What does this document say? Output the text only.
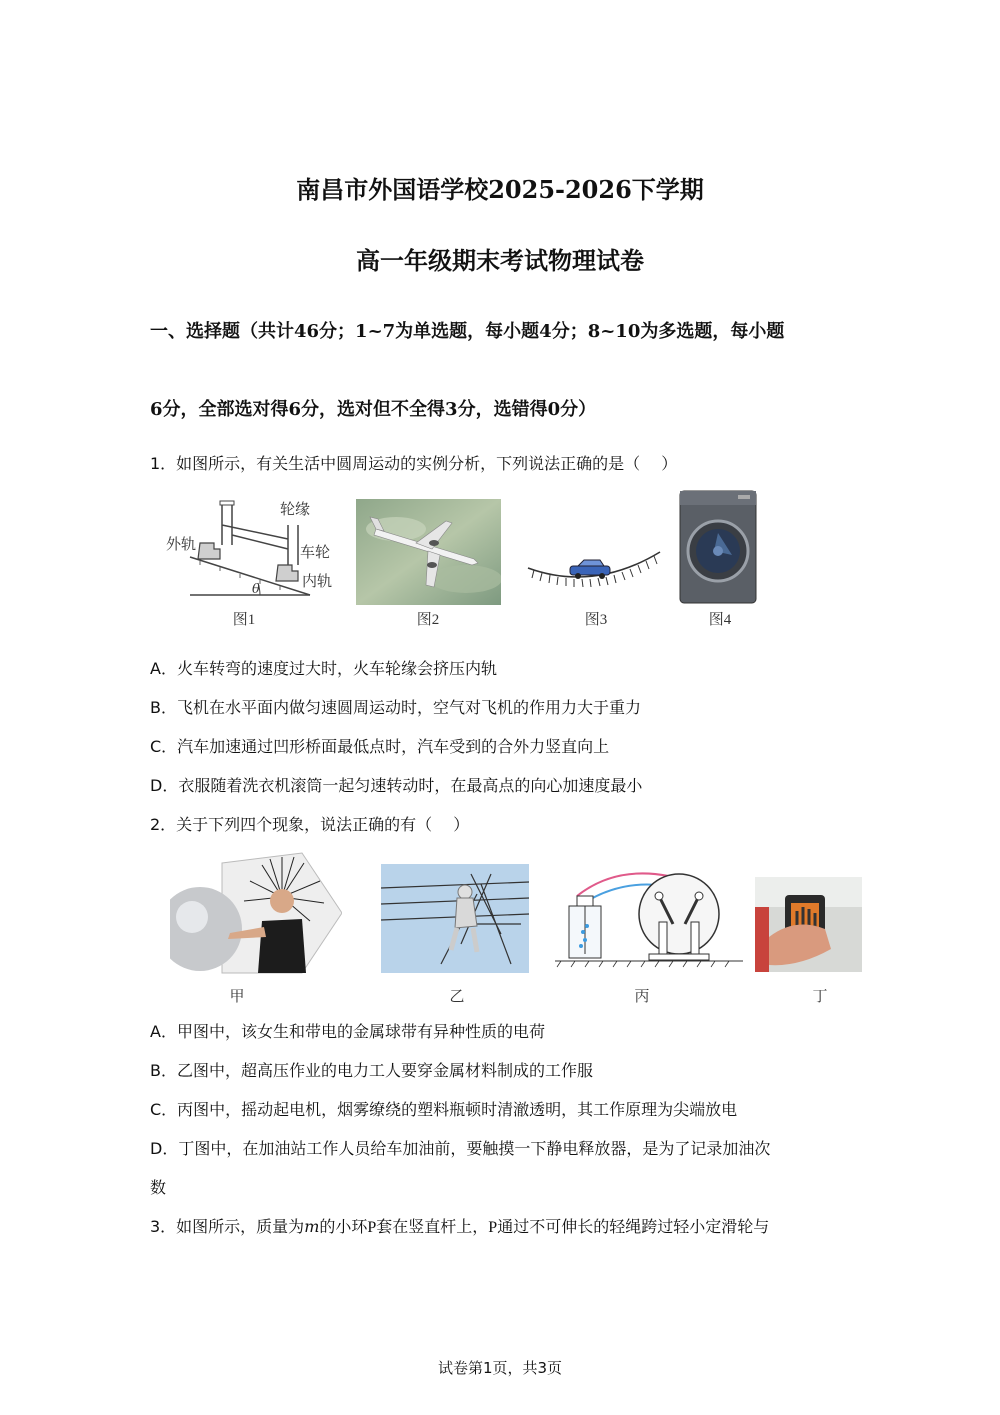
南昌市外国语学校2025-2026下学期
高一年级期末考试物理试卷
一、选择题（共计46分；1~7为单选题，每小题4分；8~10为多选题，每小题
6分，全部选对得6分，选对但不全得3分，选错得0分）
1．如图所示，有关生活中圆周运动的实例分析，下列说法正确的是（　 ）
θ
轮缘
外轨	车轮
内轨
图1	图2	图3	图4
A．火车转弯的速度过大时，火车轮缘会挤压内轨
B．飞机在水平面内做匀速圆周运动时，空气对飞机的作用力大于重力
C．汽车加速通过凹形桥面最低点时，汽车受到的合外力竖直向上
D．衣服随着洗衣机滚筒一起匀速转动时，在最高点的向心加速度最小
2．关于下列四个现象，说法正确的有（　 ）
甲	乙	丙	丁
A．甲图中，该女生和带电的金属球带有异种性质的电荷
B．乙图中，超高压作业的电力工人要穿金属材料制成的工作服
C．丙图中，摇动起电机，烟雾缭绕的塑料瓶顿时清澈透明，其工作原理为尖端放电
D．丁图中，在加油站工作人员给车加油前，要触摸一下静电释放器，是为了记录加油次
数
3．如图所示，质量为m的小环P套在竖直杆上，P通过不可伸长的轻绳跨过轻小定滑轮与
试卷第1页，共3页
